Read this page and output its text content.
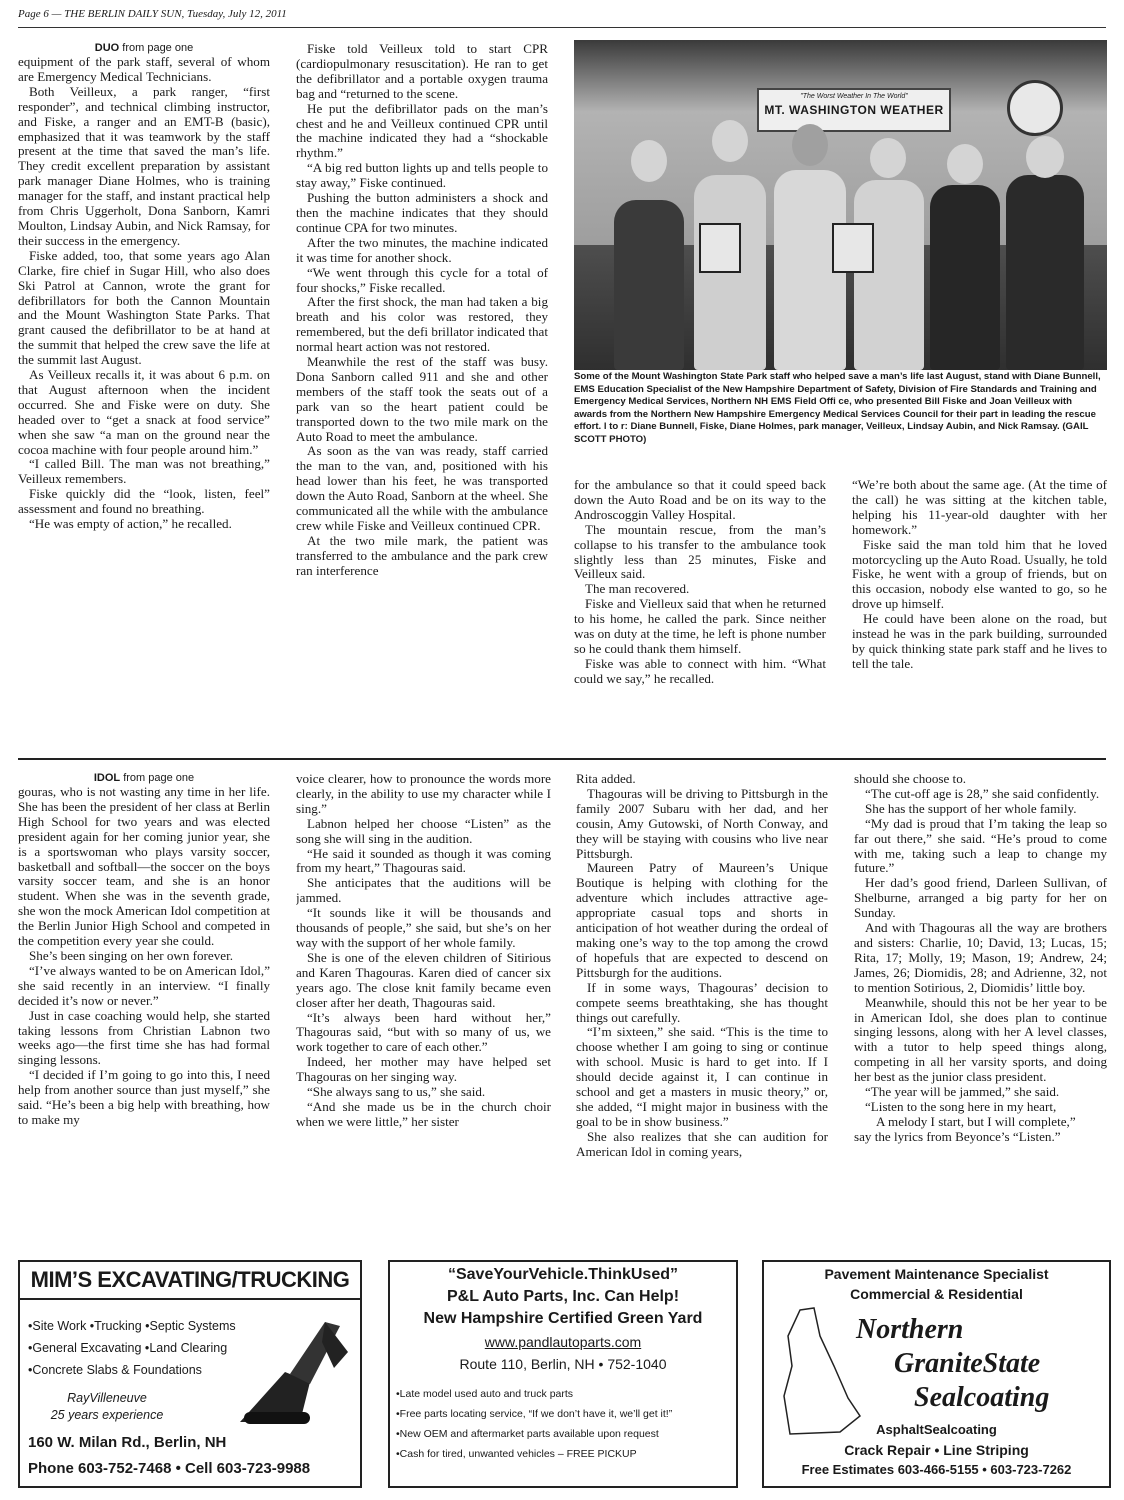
Page 6 — THE BERLIN DAILY SUN, Tuesday, July 12, 2011

DUO from page one

equipment of the park staff, several of whom are Emergency Medical Technicians.

Both Veilleux, a park ranger, “first responder”, and technical climbing instructor, and Fiske, a ranger and an EMT-B (basic), emphasized that it was teamwork by the staff present at the time that saved the man’s life. They credit excellent preparation by assistant park manager Diane Holmes, who is training manager for the staff, and instant practical help from Chris Uggerholt, Dona Sanborn, Kamri Moulton, Lindsay Aubin, and Nick Ramsay, for their success in the emergency.

Fiske added, too, that some years ago Alan Clarke, fire chief in Sugar Hill, who also does Ski Patrol at Cannon, wrote the grant for defibrillators for both the Cannon Mountain and the Mount Washington State Parks. That grant caused the defibrillator to be at hand at the summit that helped the crew save the life at the summit last August.

As Veilleux recalls it, it was about 6 p.m. on that August afternoon when the incident occurred. She and Fiske were on duty. She headed over to “get a snack at food service” when she saw “a man on the ground near the cocoa machine with four people around him.”

“I called Bill. The man was not breathing,” Veilleux remembers.

Fiske quickly did the “look, listen, feel” assessment and found no breathing.

“He was empty of action,” he recalled.

Fiske told Veilleux told to start CPR (cardiopulmonary resuscitation). He ran to get the defibrillator and a portable oxygen trauma bag and “returned to the scene.

He put the defibrillator pads on the man’s chest and he and Veilleux continued CPR until the machine indicated they had a “shockable rhythm.”

“A big red button lights up and tells people to stay away,” Fiske continued.

Pushing the button administers a shock and then the machine indicates that they should continue CPA for two minutes.

After the two minutes, the machine indicated it was time for another shock.

“We went through this cycle for a total of four shocks,” Fiske recalled.

After the first shock, the man had taken a big breath and his color was restored, they remembered, but the defi brillator indicated that normal heart action was not restored.

Meanwhile the rest of the staff was busy. Dona Sanborn called 911 and she and other members of the staff took the seats out of a park van so the heart patient could be transported down to the two mile mark on the Auto Road to meet the ambulance.

As soon as the van was ready, staff carried the man to the van, and, positioned with his head lower than his feet, he was transported down the Auto Road, Sanborn at the wheel. She communicated all the while with the ambulance crew while Fiske and Veilleux continued CPR.

At the two mile mark, the patient was transferred to the ambulance and the park crew ran interference

"The Worst Weather In The World"
MT. WASHINGTON WEATHER
Some of the Mount Washington State Park staff who helped save a man’s life last August, stand with Diane Bunnell, EMS Education Specialist of the New Hampshire Department of Safety, Division of Fire Standards and Training and Emergency Medical Services, Northern NH EMS Field Offi ce, who presented Bill Fiske and Joan Veilleux with awards from the Northern New Hampshire Emergency Medical Services Council for their part in leading the rescue effort. l to r: Diane Bunnell, Fiske, Diane Holmes, park manager, Veilleux, Lindsay Aubin, and Nick Ramsay. (GAIL SCOTT PHOTO)

for the ambulance so that it could speed back down the Auto Road and be on its way to the Androscoggin Valley Hospital.

The mountain rescue, from the man’s collapse to his transfer to the ambulance took slightly less than 25 minutes, Fiske and Veilleux said.

The man recovered.

Fiske and Vielleux said that when he returned to his home, he called the park. Since neither was on duty at the time, he left is phone number so he could thank them himself.

Fiske was able to connect with him. “What could we say,” he recalled.

“We’re both about the same age. (At the time of the call) he was sitting at the kitchen table, helping his 11-year-old daughter with her homework.”

Fiske said the man told him that he loved motorcycling up the Auto Road. Usually, he told Fiske, he went with a group of friends, but on this occasion, nobody else wanted to go, so he drove up himself.

He could have been alone on the road, but instead he was in the park building, surrounded by quick thinking state park staff and he lives to tell the tale.

IDOL from page one

gouras, who is not wasting any time in her life. She has been the president of her class at Berlin High School for two years and was elected president again for her coming junior year, she is a sportswoman who plays varsity soccer, basketball and softball—the soccer on the boys varsity soccer team, and she is an honor student. When she was in the seventh grade, she won the mock American Idol competition at the Berlin Junior High School and competed in the competition every year she could.

She’s been singing on her own forever.

“I’ve always wanted to be on American Idol,” she said recently in an interview. “I finally decided it’s now or never.”

Just in case coaching would help, she started taking lessons from Christian Labnon two weeks ago—the first time she has had formal singing lessons.

“I decided if I’m going to go into this, I need help from another source than just myself,” she said. “He’s been a big help with breathing, how to make my

voice clearer, how to pronounce the words more clearly, in the ability to use my character while I sing.”

Labnon helped her choose “Listen” as the song she will sing in the audition.

“He said it sounded as though it was coming from my heart,” Thagouras said.

She anticipates that the auditions will be jammed.

“It sounds like it will be thousands and thousands of people,” she said, but she’s on her way with the support of her whole family.

She is one of the eleven children of Sitirious and Karen Thagouras. Karen died of cancer six years ago. The close knit family became even closer after her death, Thagouras said.

“It’s always been hard without her,” Thagouras said, “but with so many of us, we work together to care of each other.”

Indeed, her mother may have helped set Thagouras on her singing way.

“She always sang to us,” she said.

“And she made us be in the church choir when we were little,” her sister

Rita added.

Thagouras will be driving to Pittsburgh in the family 2007 Subaru with her dad, and her cousin, Amy Gutowski, of North Conway, and they will be staying with cousins who live near Pittsburgh.

Maureen Patry of Maureen’s Unique Boutique is helping with clothing for the adventure which includes attractive age-appropriate casual tops and shorts in anticipation of hot weather during the ordeal of making one’s way to the top among the crowd of hopefuls that are expected to descend on Pittsburgh for the auditions.

If in some ways, Thagouras’ decision to compete seems breathtaking, she has thought things out carefully.

“I’m sixteen,” she said. “This is the time to choose whether I am going to sing or continue with school. Music is hard to get into. If I should decide against it, I can continue in school and get a masters in music theory,” or, she added, “I might major in business with the goal to be in show business.”

She also realizes that she can audition for American Idol in coming years,

should she choose to.

“The cut-off age is 28,” she said confidently.

She has the support of her whole family.

“My dad is proud that I’m taking the leap so far out there,” she said. “He’s proud to come with me, taking such a leap to change my future.”

Her dad’s good friend, Darleen Sullivan, of Shelburne, arranged a big party for her on Sunday.

And with Thagouras all the way are brothers and sisters: Charlie, 10; David, 13; Lucas, 15; Rita, 17; Molly, 19; Mason, 19; Andrew, 24; James, 26; Diomidis, 28; and Adrienne, 32, not to mention Sotirious, 2, Diomidis’ little boy.

Meanwhile, should this not be her year to be in American Idol, she does plan to continue singing lessons, along with her A level classes, with a tutor to help speed things along, competing in all her varsity sports, and doing her best as the junior class president.

“The year will be jammed,” she said.

“Listen to the song here in my heart,

A melody I start, but I will complete,”

say the lyrics from Beyonce’s “Listen.”

MIM’S EXCAVATING/TRUCKING
•Site Work •Trucking •Septic Systems
•General Excavating •Land Clearing
•Concrete Slabs & Foundations
RayVilleneuve
25 years experience
160 W. Milan Rd., Berlin, NH
Phone 603-752-7468 • Cell 603-723-9988
“SaveYourVehicle.ThinkUsed”
P&L Auto Parts, Inc. Can Help!
New Hampshire Certified Green Yard
www.pandlautoparts.com
Route 110, Berlin, NH • 752-1040
•Late model used auto and truck parts
•Free parts locating service, “If we don’t have it, we’ll get it!”
•New OEM and aftermarket parts available upon request
•Cash for tired, unwanted vehicles – FREE PICKUP
Pavement Maintenance Specialist
Commercial & Residential
Northern
GraniteState
Sealcoating
AsphaltSealcoating
Crack Repair • Line Striping
Free Estimates 603-466-5155 • 603-723-7262
